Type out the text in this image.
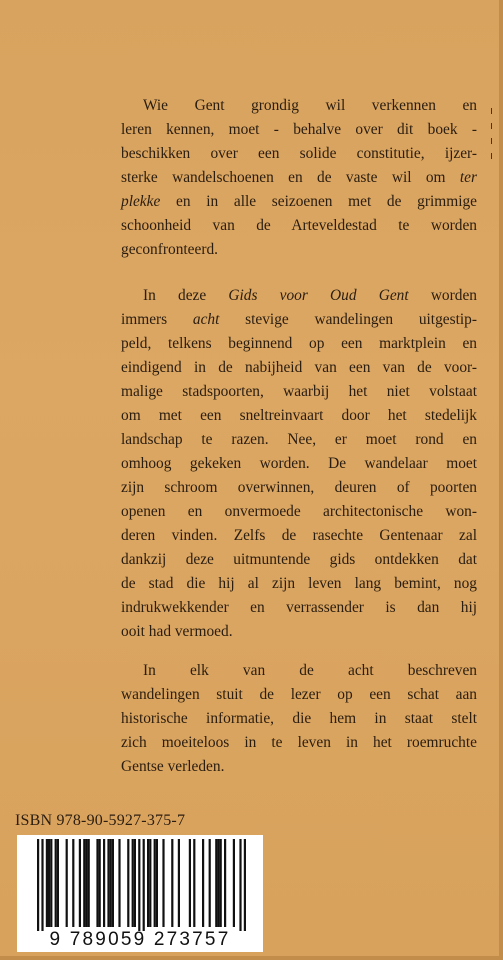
Wie Gent grondig wil verkennen en
leren kennen, moet - behalve over dit boek -
beschikken over een solide constitutie, ijzer-
sterke wandelschoenen en de vaste wil om ter
plekke en in alle seizoenen met de grimmige
schoonheid van de Arteveldestad te worden
geconfronteerd.

In deze Gids voor Oud Gent worden
immers acht stevige wandelingen uitgestip-
peld, telkens beginnend op een marktplein en
eindigend in de nabijheid van een van de voor-
malige stadspoorten, waarbij het niet volstaat
om met een sneltreinvaart door het stedelijk
landschap te razen. Nee, er moet rond en
omhoog gekeken worden. De wandelaar moet
zijn schroom overwinnen, deuren of poorten
openen en onvermoede architectonische won-
deren vinden. Zelfs de rasechte Gentenaar zal
dankzij deze uitmuntende gids ontdekken dat
de stad die hij al zijn leven lang bemint, nog
indrukwekkender en verrassender is dan hij
ooit had vermoed.

In elk van de acht beschreven
wandelingen stuit de lezer op een schat aan
historische informatie, die hem in staat stelt
zich moeiteloos in te leven in het roemruchte
Gentse verleden.

ISBN 978-90-5927-375-7
9 789059 273757
